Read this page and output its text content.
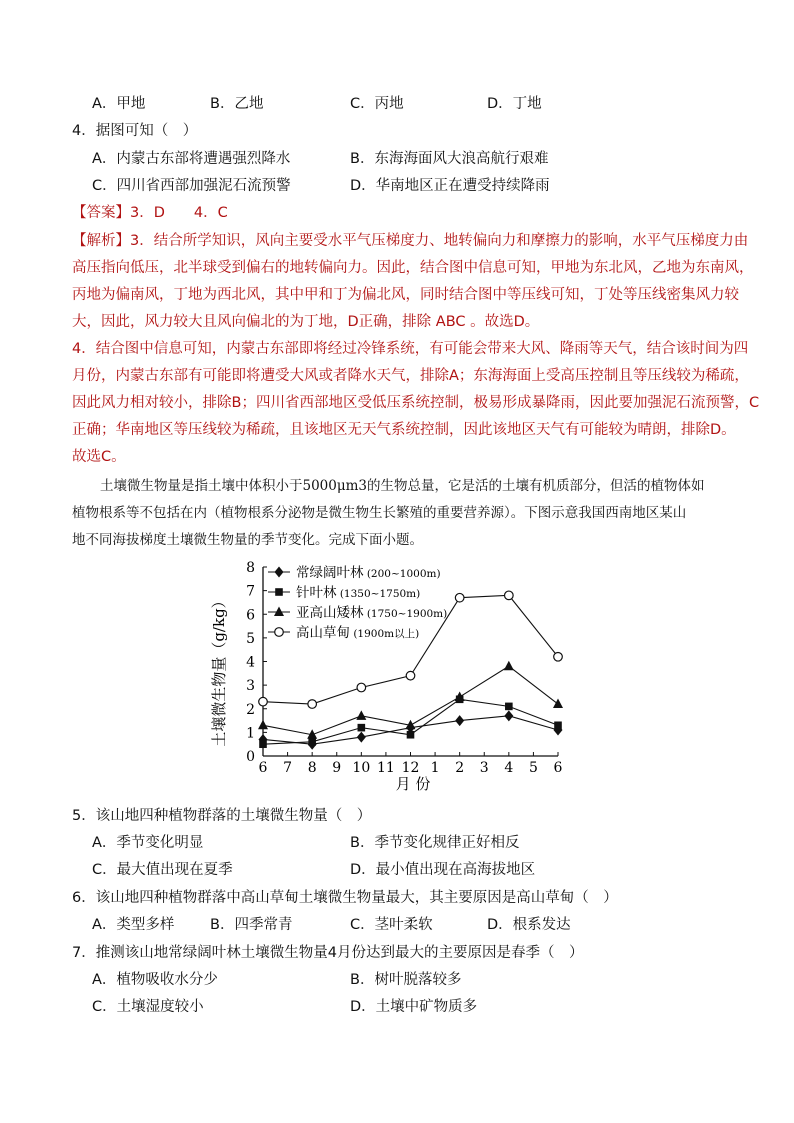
A．甲地	B．乙地	C．丙地	D．丁地
4．据图可知（　）
A．内蒙古东部将遭遇强烈降水	B．东海海面风大浪高航行艰难
C．四川省西部加强泥石流预警	D．华南地区正在遭受持续降雨
【答案】3．D　　4．C
【解析】3．结合所学知识，风向主要受水平气压梯度力、地转偏向力和摩擦力的影响，水平气压梯度力由
高压指向低压，北半球受到偏右的地转偏向力。因此，结合图中信息可知，甲地为东北风，乙地为东南风，
丙地为偏南风，丁地为西北风，其中甲和丁为偏北风，同时结合图中等压线可知，丁处等压线密集风力较
大，因此，风力较大且风向偏北的为丁地，D正确，排除 ABC 。故选D。
4．结合图中信息可知，内蒙古东部即将经过冷锋系统，有可能会带来大风、降雨等天气，结合该时间为四
月份，内蒙古东部有可能即将遭受大风或者降水天气，排除A；东海海面上受高压控制且等压线较为稀疏，
因此风力相对较小，排除B；四川省西部地区受低压系统控制，极易形成暴降雨，因此要加强泥石流预警，C
正确；华南地区等压线较为稀疏，且该地区无天气系统控制，因此该地区天气有可能较为晴朗，排除D。
故选C。
土壤微生物量是指土壤中体积小于5000μm3的生物总量，它是活的土壤有机质部分，但活的植物体如
植物根系等不包括在内（植物根系分泌物是微生物生长繁殖的重要营养源）。下图示意我国西南地区某山
地不同海拔梯度土壤微生物量的季节变化。完成下面小题。
0
1
2
3
4
5
6
7
8
6 7 8 9 10 11 12 1 2 3 4 5 6
常绿阔叶林 (200~1000m)
针叶林 (1350~1750m)
亚高山矮林 (1750~1900m)
高山草甸 (1900m以上)
土壤微生物量（g/kg）
月 份
5．该山地四种植物群落的土壤微生物量（　）
A．季节变化明显	B．季节变化规律正好相反
C．最大值出现在夏季	D．最小值出现在高海拔地区
6．该山地四种植物群落中高山草甸土壤微生物量最大，其主要原因是高山草甸（　）
A．类型多样 B．四季常青	C．茎叶柔软	D．根系发达
7．推测该山地常绿阔叶林土壤微生物量4月份达到最大的主要原因是春季（　）
A．植物吸收水分少	B．树叶脱落较多
C．土壤湿度较小	D．土壤中矿物质多
